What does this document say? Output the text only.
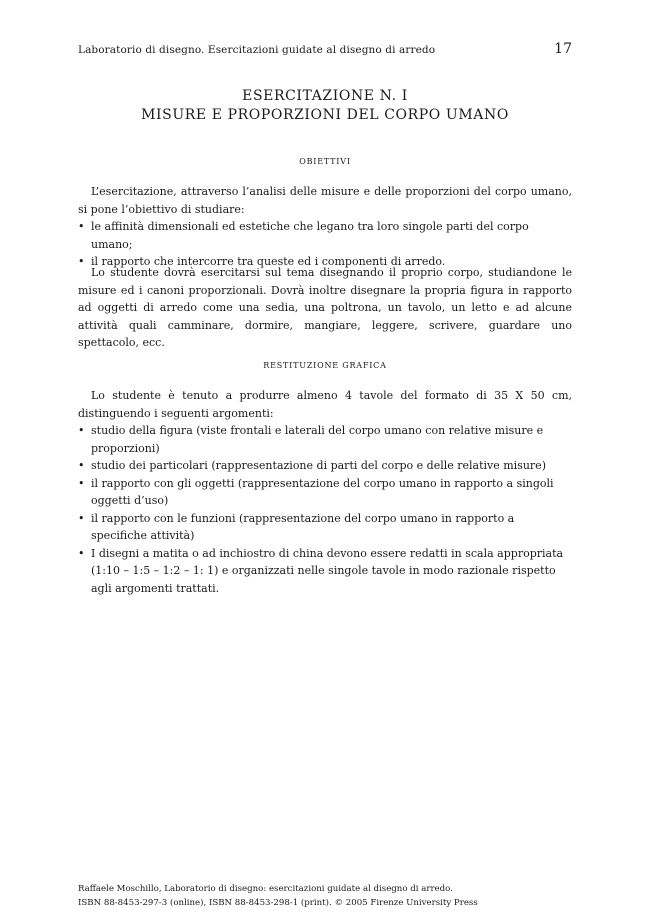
Laboratorio di disegno. Esercitazioni guidate al disegno di arredo	17
ESERCITAZIONE N. I
MISURE E PROPORZIONI DEL CORPO UMANO
OBIETTIVI

L’esercitazione, attraverso l’analisi delle misure e delle proporzioni del corpo umano, si pone l’obiettivo di studiare:

• le affinità dimensionali ed estetiche che legano tra loro singole parti del corpo umano;
• il rapporto che intercorre tra queste ed i componenti di arredo.

Lo studente dovrà esercitarsi sul tema disegnando il proprio corpo, studiandone le misure ed i canoni proporzionali. Dovrà inoltre disegnare la propria figura in rapporto ad oggetti di arredo come una sedia, una poltrona, un tavolo, un letto e ad alcune attività quali camminare, dormire, mangiare, leggere, scrivere, guardare uno spettacolo, ecc.

RESTITUZIONE GRAFICA

Lo studente è tenuto a produrre almeno 4 tavole del formato di 35 X 50 cm, distinguendo i seguenti argomenti:

• studio della figura (viste frontali e laterali del corpo umano con relative misure e proporzioni)
• studio dei particolari (rappresentazione di parti del corpo e delle relative misure)
• il rapporto con gli oggetti (rappresentazione del corpo umano in rapporto a singoli oggetti d’uso)
• il rapporto con le funzioni (rappresentazione del corpo umano in rapporto a specifiche attività)
• I disegni a matita o ad inchiostro di china devono essere redatti in scala appropriata (1:10 – 1:5 – 1:2 – 1: 1) e organizzati nelle singole tavole in modo razionale rispetto agli argomenti trattati.
Raffaele Moschillo, Laboratorio di disegno: esercitazioni guidate al disegno di arredo.
ISBN 88-8453-297-3 (online), ISBN 88-8453-298-1 (print). © 2005 Firenze University Press
